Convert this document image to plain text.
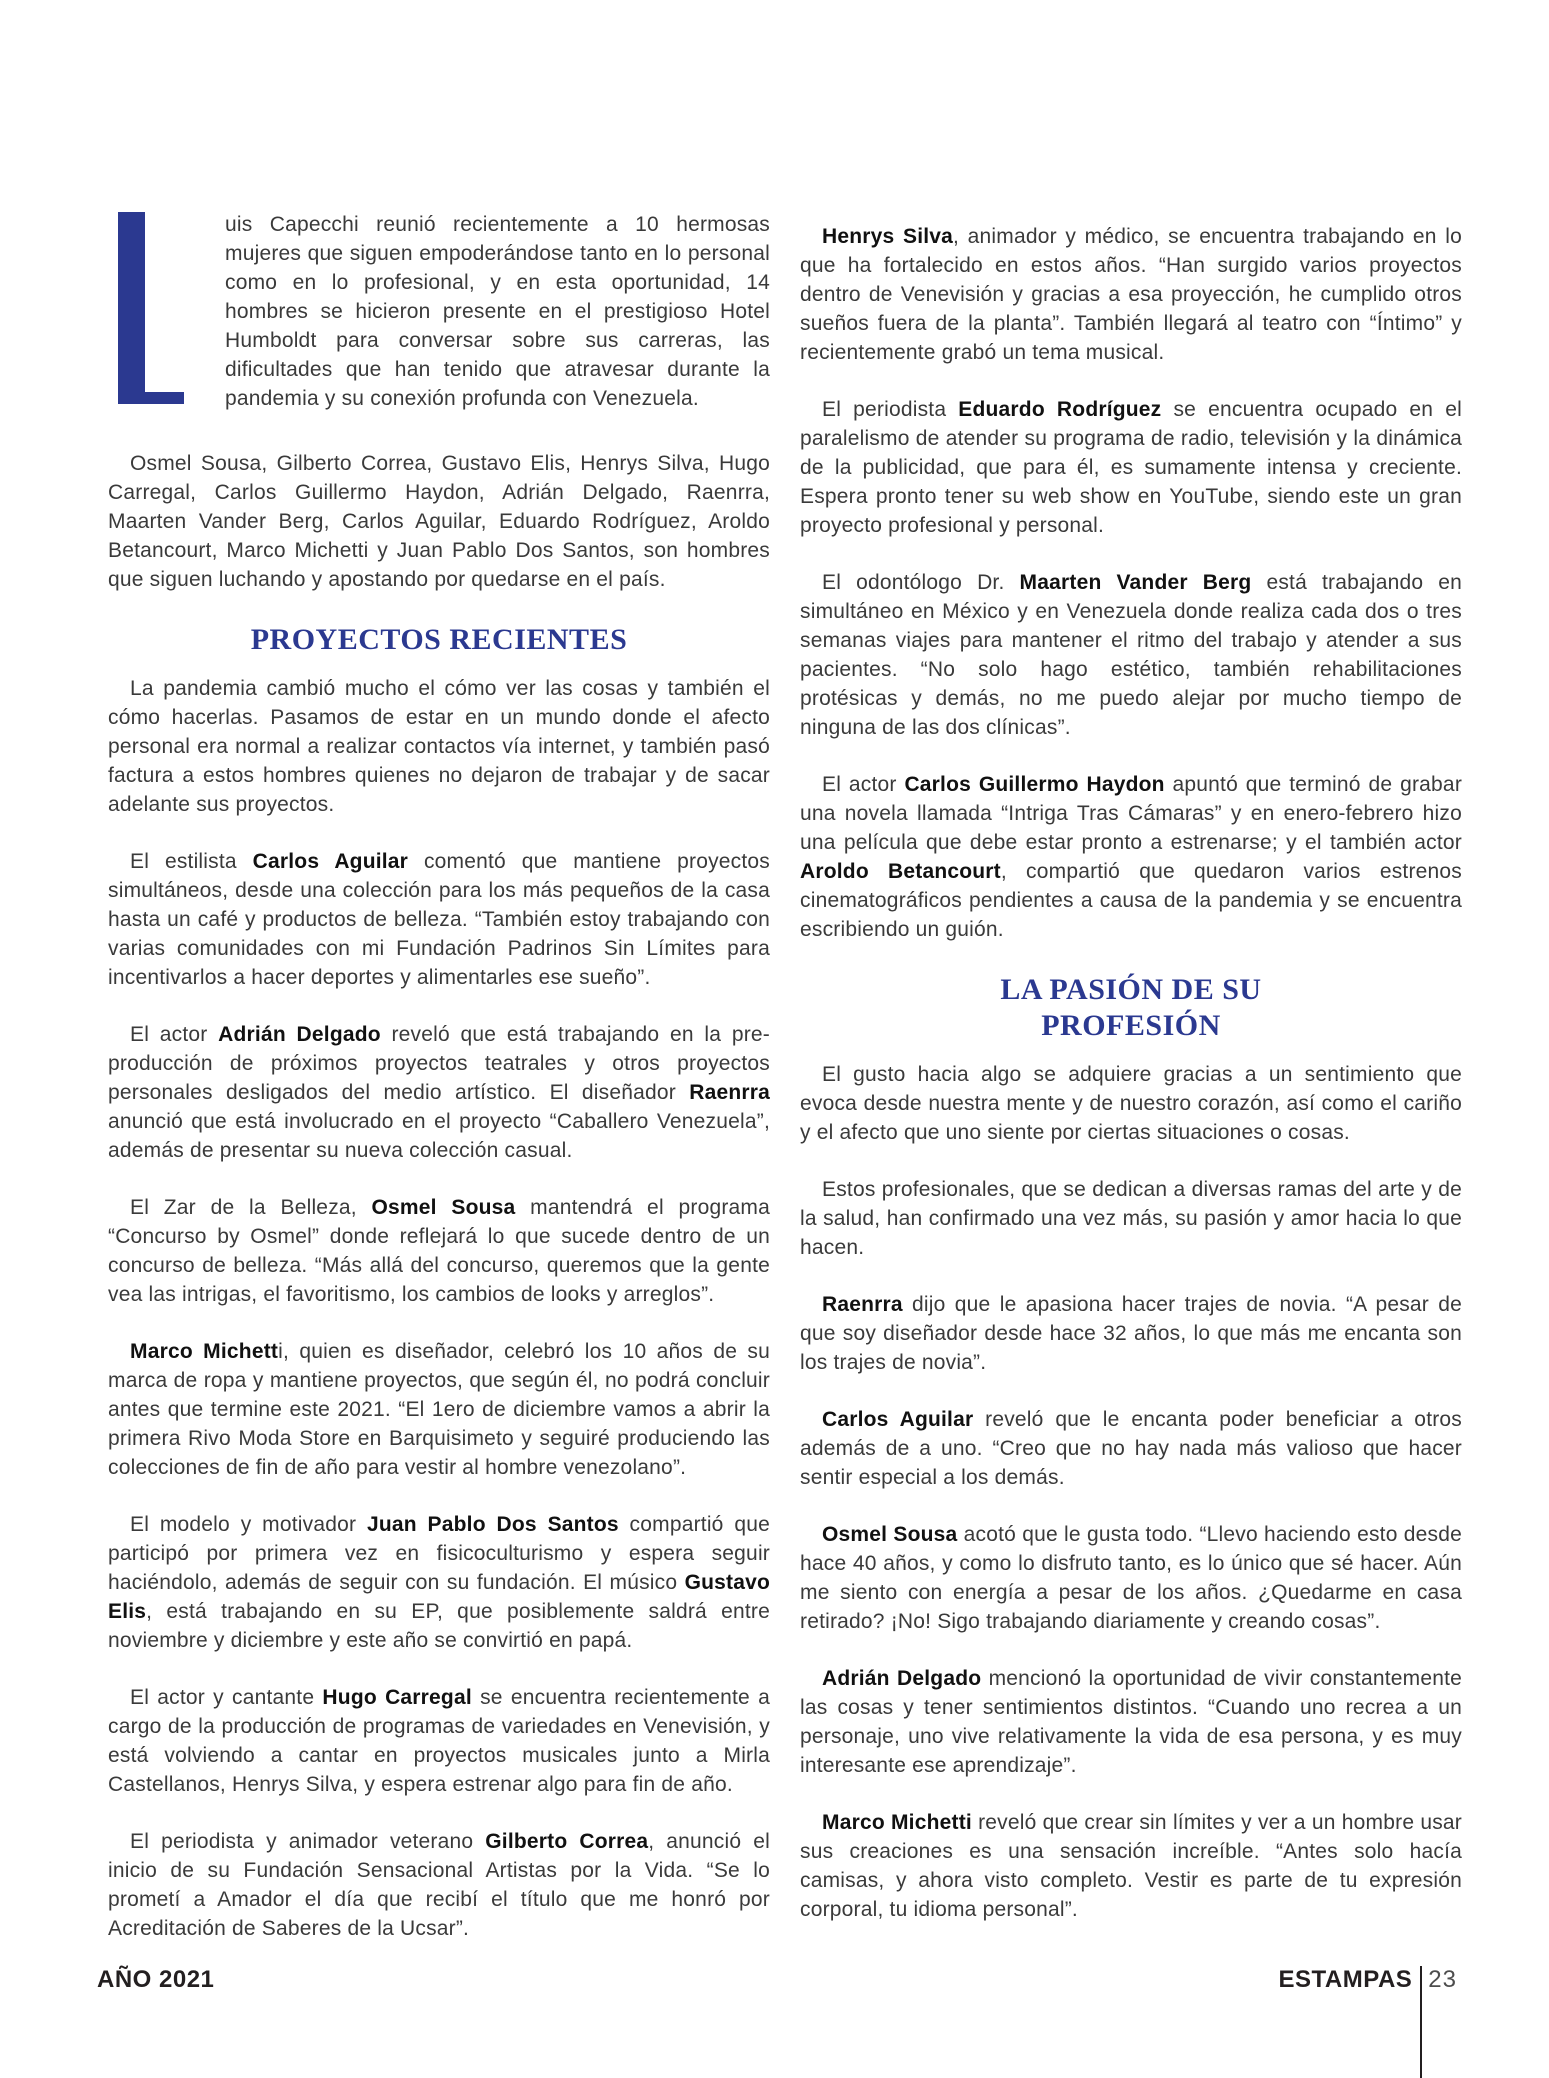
uis Capecchi reunió recientemente a 10 hermosas mujeres que siguen empoderándose tanto en lo personal como en lo profesional, y en esta oportunidad, 14 hombres se hicieron presente en el prestigioso Hotel Humboldt para conversar sobre sus carreras, las dificultades que han tenido que atravesar durante la pandemia y su conexión profunda con Venezuela.

Osmel Sousa, Gilberto Correa, Gustavo Elis, Henrys Silva, Hugo Carregal, Carlos Guillermo Haydon, Adrián Delgado, Raenrra, Maarten Vander Berg, Carlos Aguilar, Eduardo Rodríguez, Aroldo Betancourt, Marco Michetti y Juan Pablo Dos Santos, son hombres que siguen luchando y apostando por quedarse en el país.

PROYECTOS RECIENTES

La pandemia cambió mucho el cómo ver las cosas y también el cómo hacerlas. Pasamos de estar en un mundo donde el afecto personal era normal a realizar contactos vía internet, y también pasó factura a estos hombres quienes no dejaron de trabajar y de sacar adelante sus proyectos.

El estilista Carlos Aguilar comentó que mantiene proyectos simultáneos, desde una colección para los más pequeños de la casa hasta un café y productos de belleza. “También estoy trabajando con varias comunidades con mi Fundación Padrinos Sin Límites para incentivarlos a hacer deportes y alimentarles ese sueño”.

El actor Adrián Delgado reveló que está trabajando en la pre-producción de próximos proyectos teatrales y otros proyectos personales desligados del medio artístico. El diseñador Raenrra anunció que está involucrado en el proyecto “Caballero Venezuela”, además de presentar su nueva colección casual.

El Zar de la Belleza, Osmel Sousa mantendrá el programa “Concurso by Osmel” donde reflejará lo que sucede dentro de un concurso de belleza. “Más allá del concurso, queremos que la gente vea las intrigas, el favoritismo, los cambios de looks y arreglos”.

Marco Michetti, quien es diseñador, celebró los 10 años de su marca de ropa y mantiene proyectos, que según él, no podrá concluir antes que termine este 2021. “El 1ero de diciembre vamos a abrir la primera Rivo Moda Store en Barquisimeto y seguiré produciendo las colecciones de fin de año para vestir al hombre venezolano”.

El modelo y motivador Juan Pablo Dos Santos compartió que participó por primera vez en fisicoculturismo y espera seguir haciéndolo, además de seguir con su fundación. El músico Gustavo Elis, está trabajando en su EP, que posiblemente saldrá entre noviembre y diciembre y este año se convirtió en papá.

El actor y cantante Hugo Carregal se encuentra recientemente a cargo de la producción de programas de variedades en Venevisión, y está volviendo a cantar en proyectos musicales junto a Mirla Castellanos, Henrys Silva, y espera estrenar algo para fin de año.

El periodista y animador veterano Gilberto Correa, anunció el inicio de su Fundación Sensacional Artistas por la Vida. “Se lo prometí a Amador el día que recibí el título que me honró por Acreditación de Saberes de la Ucsar”.

Henrys Silva, animador y médico, se encuentra trabajando en lo que ha fortalecido en estos años. “Han surgido varios proyectos dentro de Venevisión y gracias a esa proyección, he cumplido otros sueños fuera de la planta”. También llegará al teatro con “Íntimo” y recientemente grabó un tema musical.

El periodista Eduardo Rodríguez se encuentra ocupado en el paralelismo de atender su programa de radio, televisión y la dinámica de la publicidad, que para él, es sumamente intensa y creciente. Espera pronto tener su web show en YouTube, siendo este un gran proyecto profesional y personal.

El odontólogo Dr. Maarten Vander Berg está trabajando en simultáneo en México y en Venezuela donde realiza cada dos o tres semanas viajes para mantener el ritmo del trabajo y atender a sus pacientes. “No solo hago estético, también rehabilitaciones protésicas y demás, no me puedo alejar por mucho tiempo de ninguna de las dos clínicas”.

El actor Carlos Guillermo Haydon apuntó que terminó de grabar una novela llamada “Intriga Tras Cámaras” y en enero-febrero hizo una película que debe estar pronto a estrenarse; y el también actor Aroldo Betancourt, compartió que quedaron varios estrenos cinematográficos pendientes a causa de la pandemia y se encuentra escribiendo un guión.

LA PASIÓN DE SU
PROFESIÓN

El gusto hacia algo se adquiere gracias a un sentimiento que evoca desde nuestra mente y de nuestro corazón, así como el cariño y el afecto que uno siente por ciertas situaciones o cosas.

Estos profesionales, que se dedican a diversas ramas del arte y de la salud, han confirmado una vez más, su pasión y amor hacia lo que hacen.

Raenrra dijo que le apasiona hacer trajes de novia. “A pesar de que soy diseñador desde hace 32 años, lo que más me encanta son los trajes de novia”.

Carlos Aguilar reveló que le encanta poder beneficiar a otros además de a uno. “Creo que no hay nada más valioso que hacer sentir especial a los demás.

Osmel Sousa acotó que le gusta todo. “Llevo haciendo esto desde hace 40 años, y como lo disfruto tanto, es lo único que sé hacer. Aún me siento con energía a pesar de los años. ¿Quedarme en casa retirado? ¡No! Sigo trabajando diariamente y creando cosas”.

Adrián Delgado mencionó la oportunidad de vivir constantemente las cosas y tener sentimientos distintos. “Cuando uno recrea a un personaje, uno vive relativamente la vida de esa persona, y es muy interesante ese aprendizaje”.

Marco Michetti reveló que crear sin límites y ver a un hombre usar sus creaciones es una sensación increíble. “Antes solo hacía camisas, y ahora visto completo. Vestir es parte de tu expresión corporal, tu idioma personal”.

AÑO 2021	ESTAMPAS 23
